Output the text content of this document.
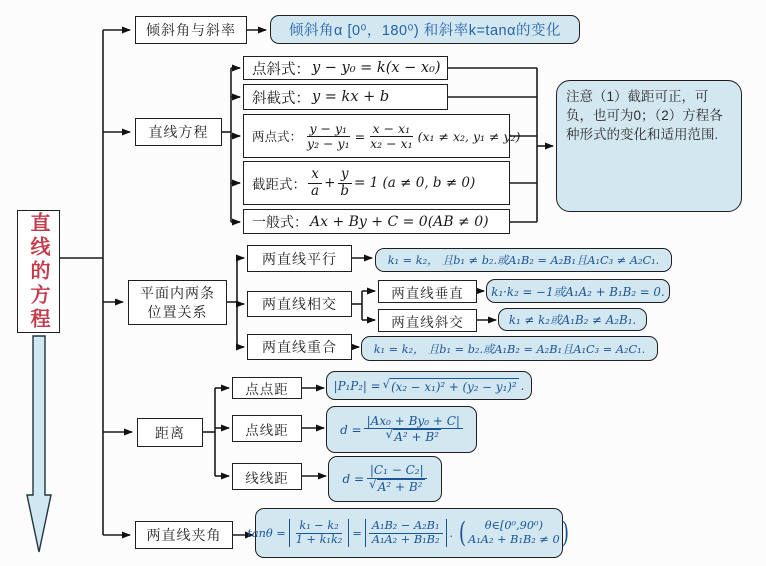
直线的方程
倾斜角与斜率	倾斜角α [0⁰，180⁰) 和斜率k=tanα的变化
直线方程
点斜式： y − y₀ = k(x − x₀)
斜截式： y = kx + b
两点式： $\frac{\text{y − y₁}}{\text{y₂ − y₁}} = \frac{\text{x − x₁}}{\text{x₂ − x₁}} (x_1 \ne x_2$, y₁ ≠ y₂)
截距式： $\frac{x}{a} + \frac{y}{b} = 1$ (a ≠ 0, b ≠ 0)
一般式： Ax + By + C = 0(AB ≠ 0)
注意（1）截距可正，可负，也可为0；（2）方程各种形式的变化和适用范围.
平面内两条
位置关系
两直线平行	k₁ = k₂， 且b₁ ≠ b₂.或A₁B₂ = A₂B₁且A₁C₃ ≠ A₂C₁.
两直线相交
两直线垂直 k₁·k₂ = −1或A₁A₂ + B₁B₂ = 0.
两直线斜交	k₁ ≠ k₂或A₁B₂ ≠ A₂B₁.
两直线重合	k₁ = k₂， 且b₁ = b₂.或A₁B₂ = A₂B₁且A₁C₃ = A₂C₁.
距离
点点距	|P₁P₂| = √ (x₂ − x₁)² + (y₂ − y₁)² .
点线距	$d = \frac{\text{|Ax₀ + By₀ + C|}}{\text{√ A² + B²}}$
线线距	$d = \frac{\text{|C₁ − C₂|}}{\text{√ A² + B²}}$
两直线夹角 $\tan\theta = \frac{\text{k₁ − k₂}}{\text{1 + k₁k₂}} = \frac{\text{A₁B₂ − A₂B₁}}{\text{A₁A₂ + B₁B₂}}$ . (	θ∈[0⁰,90⁰)
A₁A₂ + B₁B₂ ≠ 0 )
